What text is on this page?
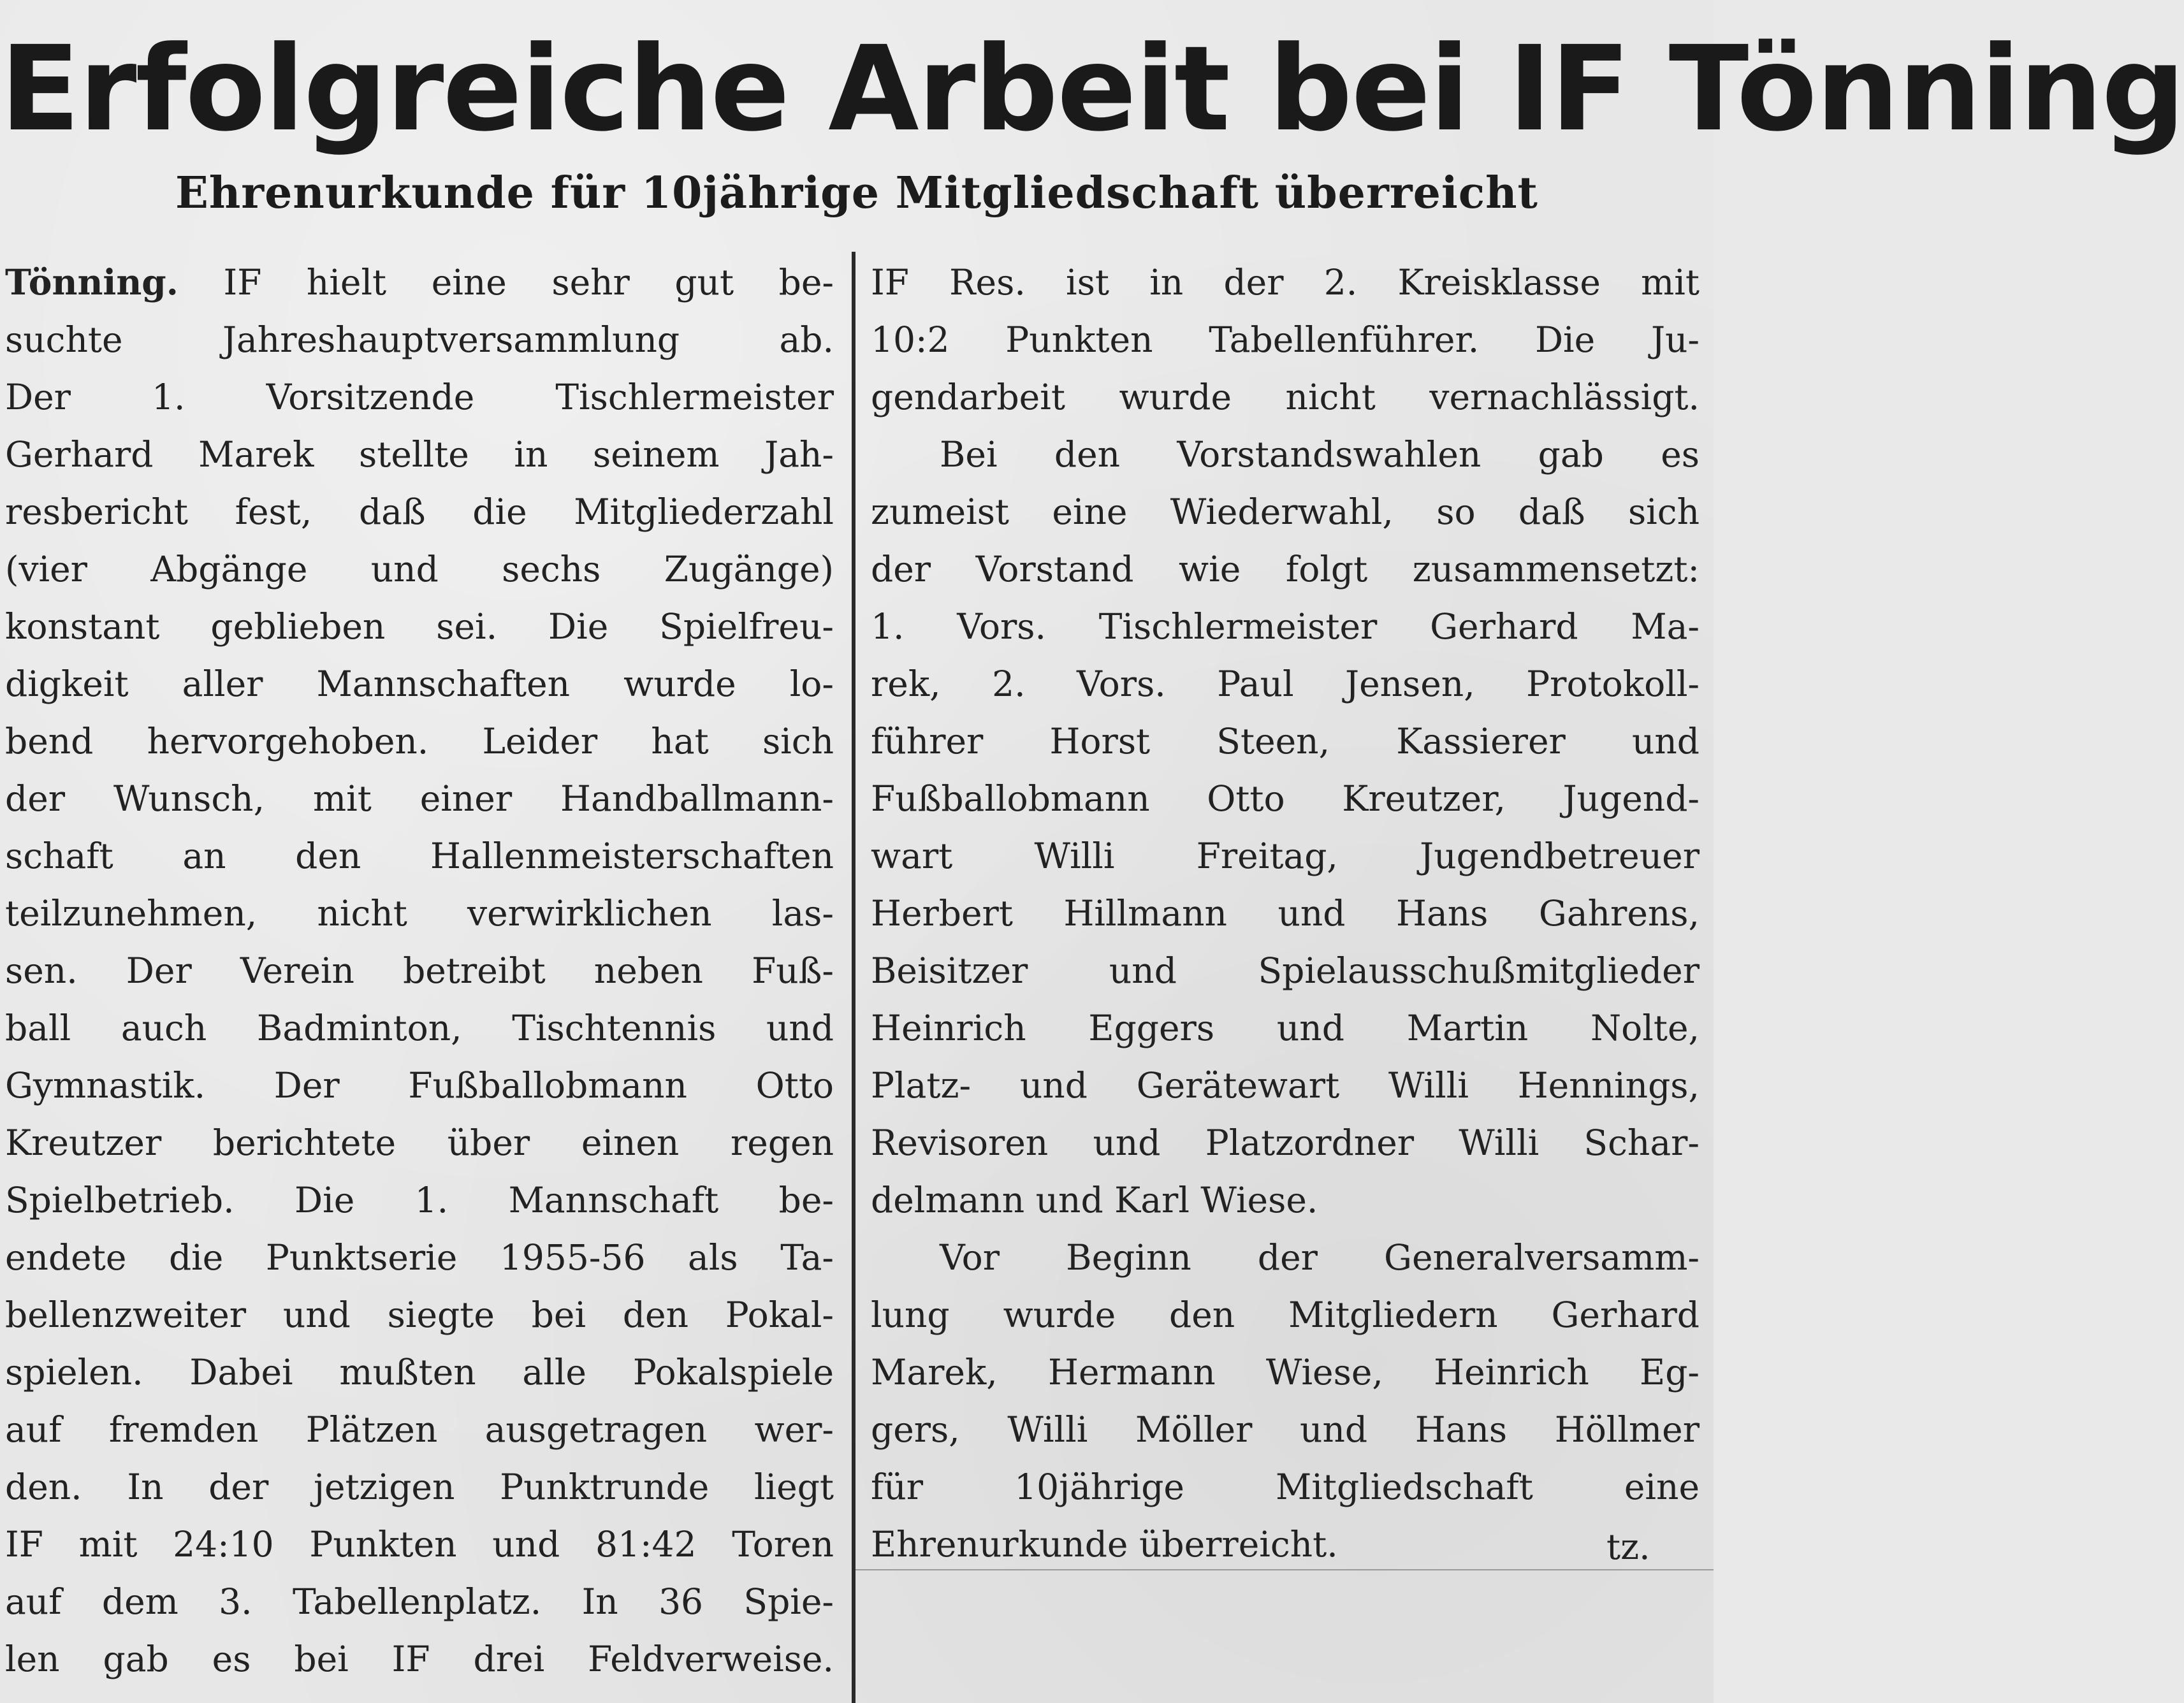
Erfolgreiche Arbeit bei IF Tönning
Ehrenurkunde für 10jährige Mitgliedschaft überreicht
Tönning. IF hielt eine sehr gut be-
suchte Jahreshauptversammlung ab.
Der 1. Vorsitzende Tischlermeister
Gerhard Marek stellte in seinem Jah-
resbericht fest, daß die Mitgliederzahl
(vier Abgänge und sechs Zugänge)
konstant geblieben sei. Die Spielfreu-
digkeit aller Mannschaften wurde lo-
bend hervorgehoben. Leider hat sich
der Wunsch, mit einer Handballmann-
schaft an den Hallenmeisterschaften
teilzunehmen, nicht verwirklichen las-
sen. Der Verein betreibt neben Fuß-
ball auch Badminton, Tischtennis und
Gymnastik. Der Fußballobmann Otto
Kreutzer berichtete über einen regen
Spielbetrieb. Die 1. Mannschaft be-
endete die Punktserie 1955-56 als Ta-
bellenzweiter und siegte bei den Pokal-
spielen. Dabei mußten alle Pokalspiele
auf fremden Plätzen ausgetragen wer-
den. In der jetzigen Punktrunde liegt
IF mit 24:10 Punkten und 81:42 Toren
auf dem 3. Tabellenplatz. In 36 Spie-
len gab es bei IF drei Feldverweise.
IF Res. ist in der 2. Kreisklasse mit
10:2 Punkten Tabellenführer. Die Ju-
gendarbeit wurde nicht vernachlässigt.
Bei den Vorstandswahlen gab es
zumeist eine Wiederwahl, so daß sich
der Vorstand wie folgt zusammensetzt:
1. Vors. Tischlermeister Gerhard Ma-
rek, 2. Vors. Paul Jensen, Protokoll-
führer Horst Steen, Kassierer und
Fußballobmann Otto Kreutzer, Jugend-
wart Willi Freitag, Jugendbetreuer
Herbert Hillmann und Hans Gahrens,
Beisitzer und Spielausschußmitglieder
Heinrich Eggers und Martin Nolte,
Platz- und Gerätewart Willi Hennings,
Revisoren und Platzordner Willi Schar-
delmann und Karl Wiese.
Vor Beginn der Generalversamm-
lung wurde den Mitgliedern Gerhard
Marek, Hermann Wiese, Heinrich Eg-
gers, Willi Möller und Hans Höllmer
für 10jährige Mitgliedschaft eine
Ehrenurkunde überreicht.	tz.
